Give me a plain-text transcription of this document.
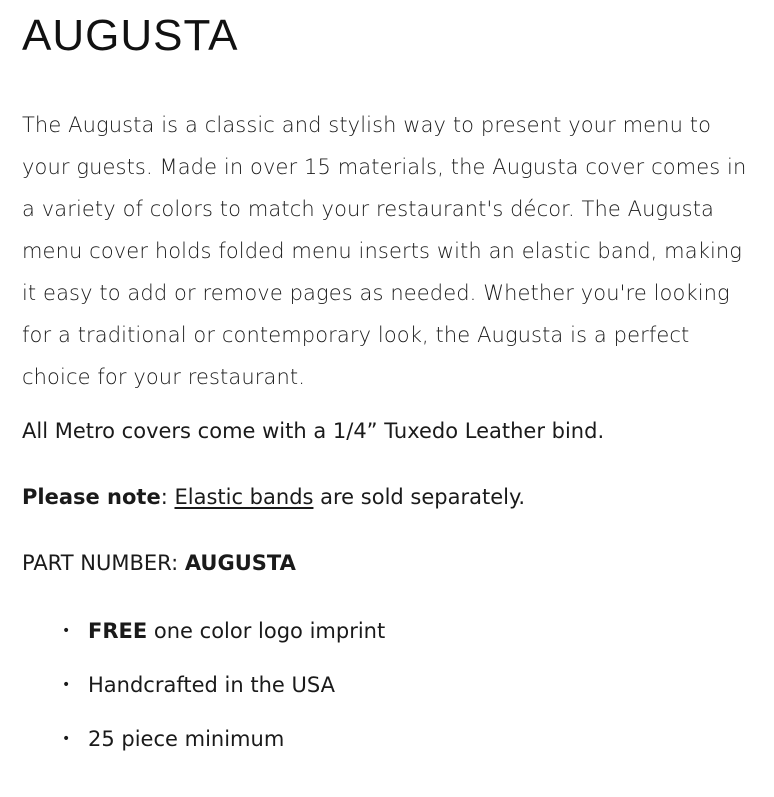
AUGUSTA

The Augusta is a classic and stylish way to present your menu to your guests. Made in over 15 materials, the Augusta cover comes in a variety of colors to match your restaurant's décor. The Augusta menu cover holds folded menu inserts with an elastic band, making it easy to add or remove pages as needed. Whether you're looking for a traditional or contemporary look, the Augusta is a perfect choice for your restaurant.

All Metro covers come with a 1/4” Tuxedo Leather bind.

Please note: Elastic bands are sold separately.

PART NUMBER: AUGUSTA

• FREE one color logo imprint
• Handcrafted in the USA
• 25 piece minimum
